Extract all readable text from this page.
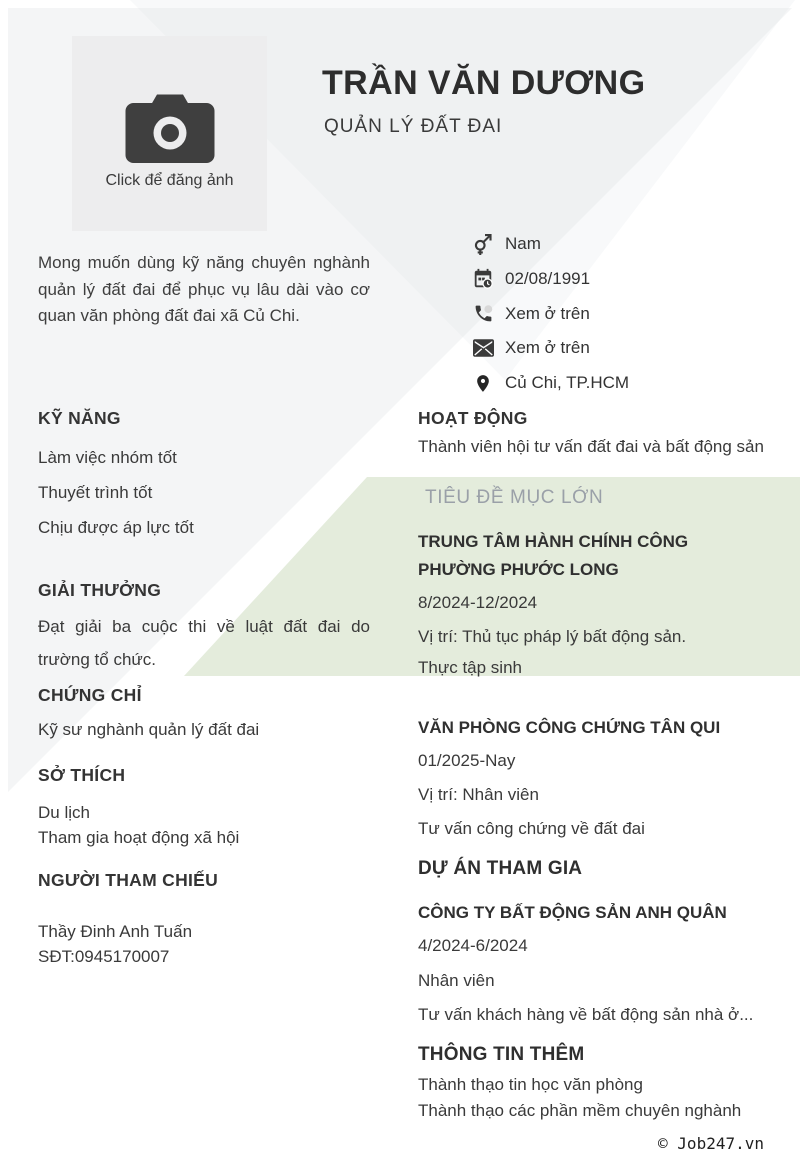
Click để đăng ảnh
TRẦN VĂN DƯƠNG
QUẢN LÝ ĐẤT ĐAI
Mong muốn dùng kỹ năng chuyên nghành quản lý đất đai để phục vụ lâu dài vào cơ quan văn phòng đất đai xã Củ Chi.
Nam
02/08/1991
Xem ở trên
Xem ở trên
Củ Chi, TP.HCM
KỸ NĂNG
Làm việc nhóm tốt
Thuyết trình tốt
Chịu được áp lực tốt
GIẢI THƯỞNG
Đạt giải ba cuộc thi về luật đất đai do trường tổ chức.
CHỨNG CHỈ
Kỹ sư nghành quản lý đất đai
SỞ THÍCH
Du lịch
Tham gia hoạt động xã hội
NGƯỜI THAM CHIẾU
Thầy Đinh Anh Tuấn
SĐT:0945170007
HOẠT ĐỘNG
Thành viên hội tư vấn đất đai và bất động sản
TIÊU ĐỀ MỤC LỚN
TRUNG TÂM HÀNH CHÍNH CÔNG PHƯỜNG PHƯỚC LONG
8/2024-12/2024
Vị trí: Thủ tục pháp lý bất động sản.
Thực tập sinh
VĂN PHÒNG CÔNG CHỨNG TÂN QUI
01/2025-Nay
Vị trí: Nhân viên
Tư vấn công chứng về đất đai
DỰ ÁN THAM GIA
CÔNG TY BẤT ĐỘNG SẢN ANH QUÂN
4/2024-6/2024
Nhân viên
Tư vấn khách hàng về bất động sản nhà ở...
THÔNG TIN THÊM
Thành thạo tin học văn phòng
Thành thạo các phần mềm chuyên nghành
© Job247.vn
